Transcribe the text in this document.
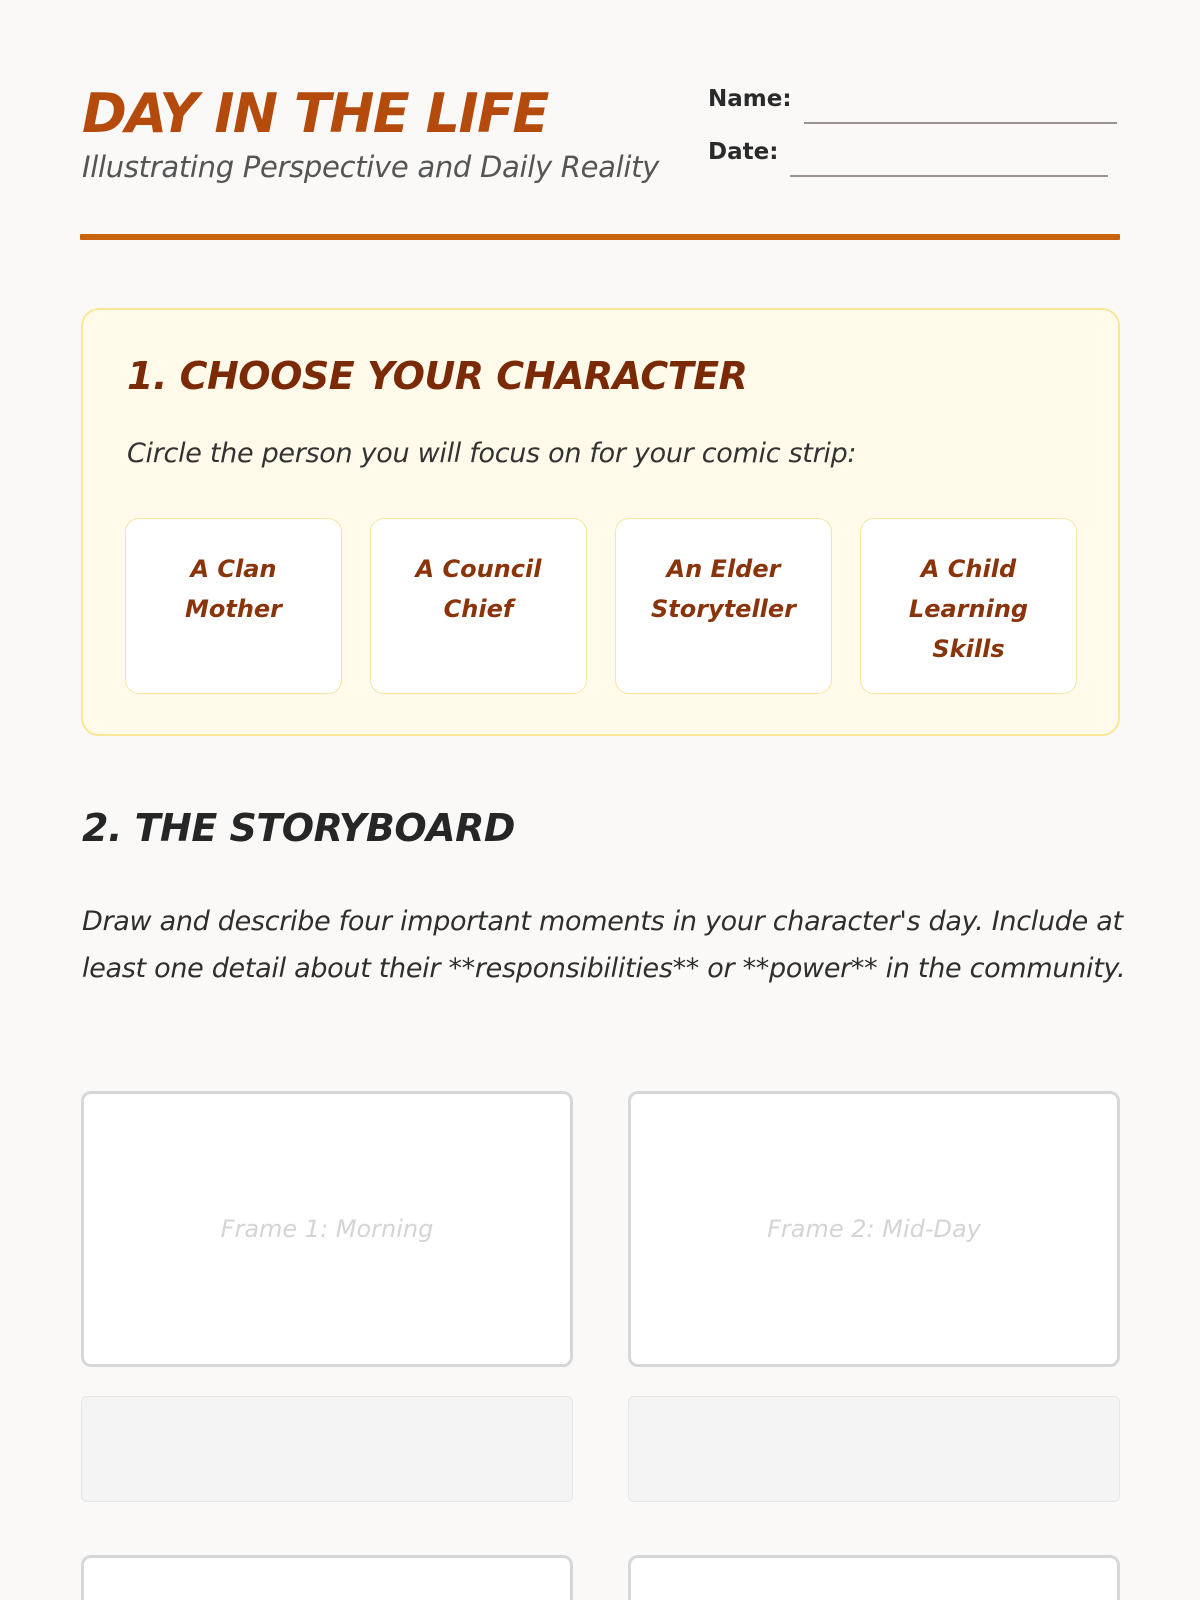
DAY IN THE LIFE
Illustrating Perspective and Daily Reality
Name:
Date:
1. CHOOSE YOUR CHARACTER
Circle the person you will focus on for your comic strip:
A Clan Mother
A Council Chief
An Elder Storyteller
A Child Learning Skills
2. THE STORYBOARD
Draw and describe four important moments in your character's day. Include at least one detail about their **responsibilities** or **power** in the community.
Frame 1: Morning	Frame 2: Mid-Day
